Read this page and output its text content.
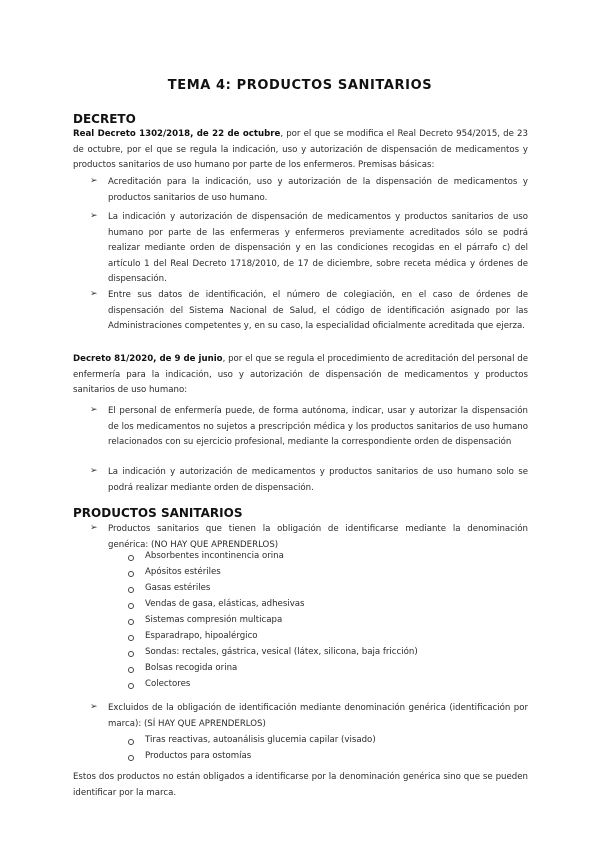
TEMA 4: PRODUCTOS SANITARIOS
DECRETO
Real Decreto 1302/2018, de 22 de octubre, por el que se modifica el Real Decreto 954/2015, de 23 de octubre, por el que se regula la indicación, uso y autorización de dispensación de medicamentos y productos sanitarios de uso humano por parte de los enfermeros. Premisas básicas:
➢ Acreditación para la indicación, uso y autorización de la dispensación de medicamentos y productos sanitarios de uso humano.
➢ La indicación y autorización de dispensación de medicamentos y productos sanitarios de uso humano por parte de las enfermeras y enfermeros previamente acreditados sólo se podrá realizar mediante orden de dispensación y en las condiciones recogidas en el párrafo c) del artículo 1 del Real Decreto 1718/2010, de 17 de diciembre, sobre receta médica y órdenes de dispensación.
➢ Entre sus datos de identificación, el número de colegiación, en el caso de órdenes de dispensación del Sistema Nacional de Salud, el código de identificación asignado por las Administraciones competentes y, en su caso, la especialidad oficialmente acreditada que ejerza.
Decreto 81/2020, de 9 de junio, por el que se regula el procedimiento de acreditación del personal de enfermería para la indicación, uso y autorización de dispensación de medicamentos y productos sanitarios de uso humano:
➢ El personal de enfermería puede, de forma autónoma, indicar, usar y autorizar la dispensación de los medicamentos no sujetos a prescripción médica y los productos sanitarios de uso humano relacionados con su ejercicio profesional, mediante la correspondiente orden de dispensación
➢ La indicación y autorización de medicamentos y productos sanitarios de uso humano solo se podrá realizar mediante orden de dispensación.
PRODUCTOS SANITARIOS
➢ Productos sanitarios que tienen la obligación de identificarse mediante la denominación genérica: (NO HAY QUE APRENDERLOS)
Absorbentes incontinencia orina
Apósitos estériles
Gasas estériles
Vendas de gasa, elásticas, adhesivas
Sistemas compresión multicapa
Esparadrapo, hipoalérgico
Sondas: rectales, gástrica, vesical (látex, silicona, baja fricción)
Bolsas recogida orina
Colectores
➢ Excluidos de la obligación de identificación mediante denominación genérica (identificación por marca): (SÍ HAY QUE APRENDERLOS)
Tiras reactivas, autoanálisis glucemia capilar (visado)
Productos para ostomías
Estos dos productos no están obligados a identificarse por la denominación genérica sino que se pueden identificar por la marca.
